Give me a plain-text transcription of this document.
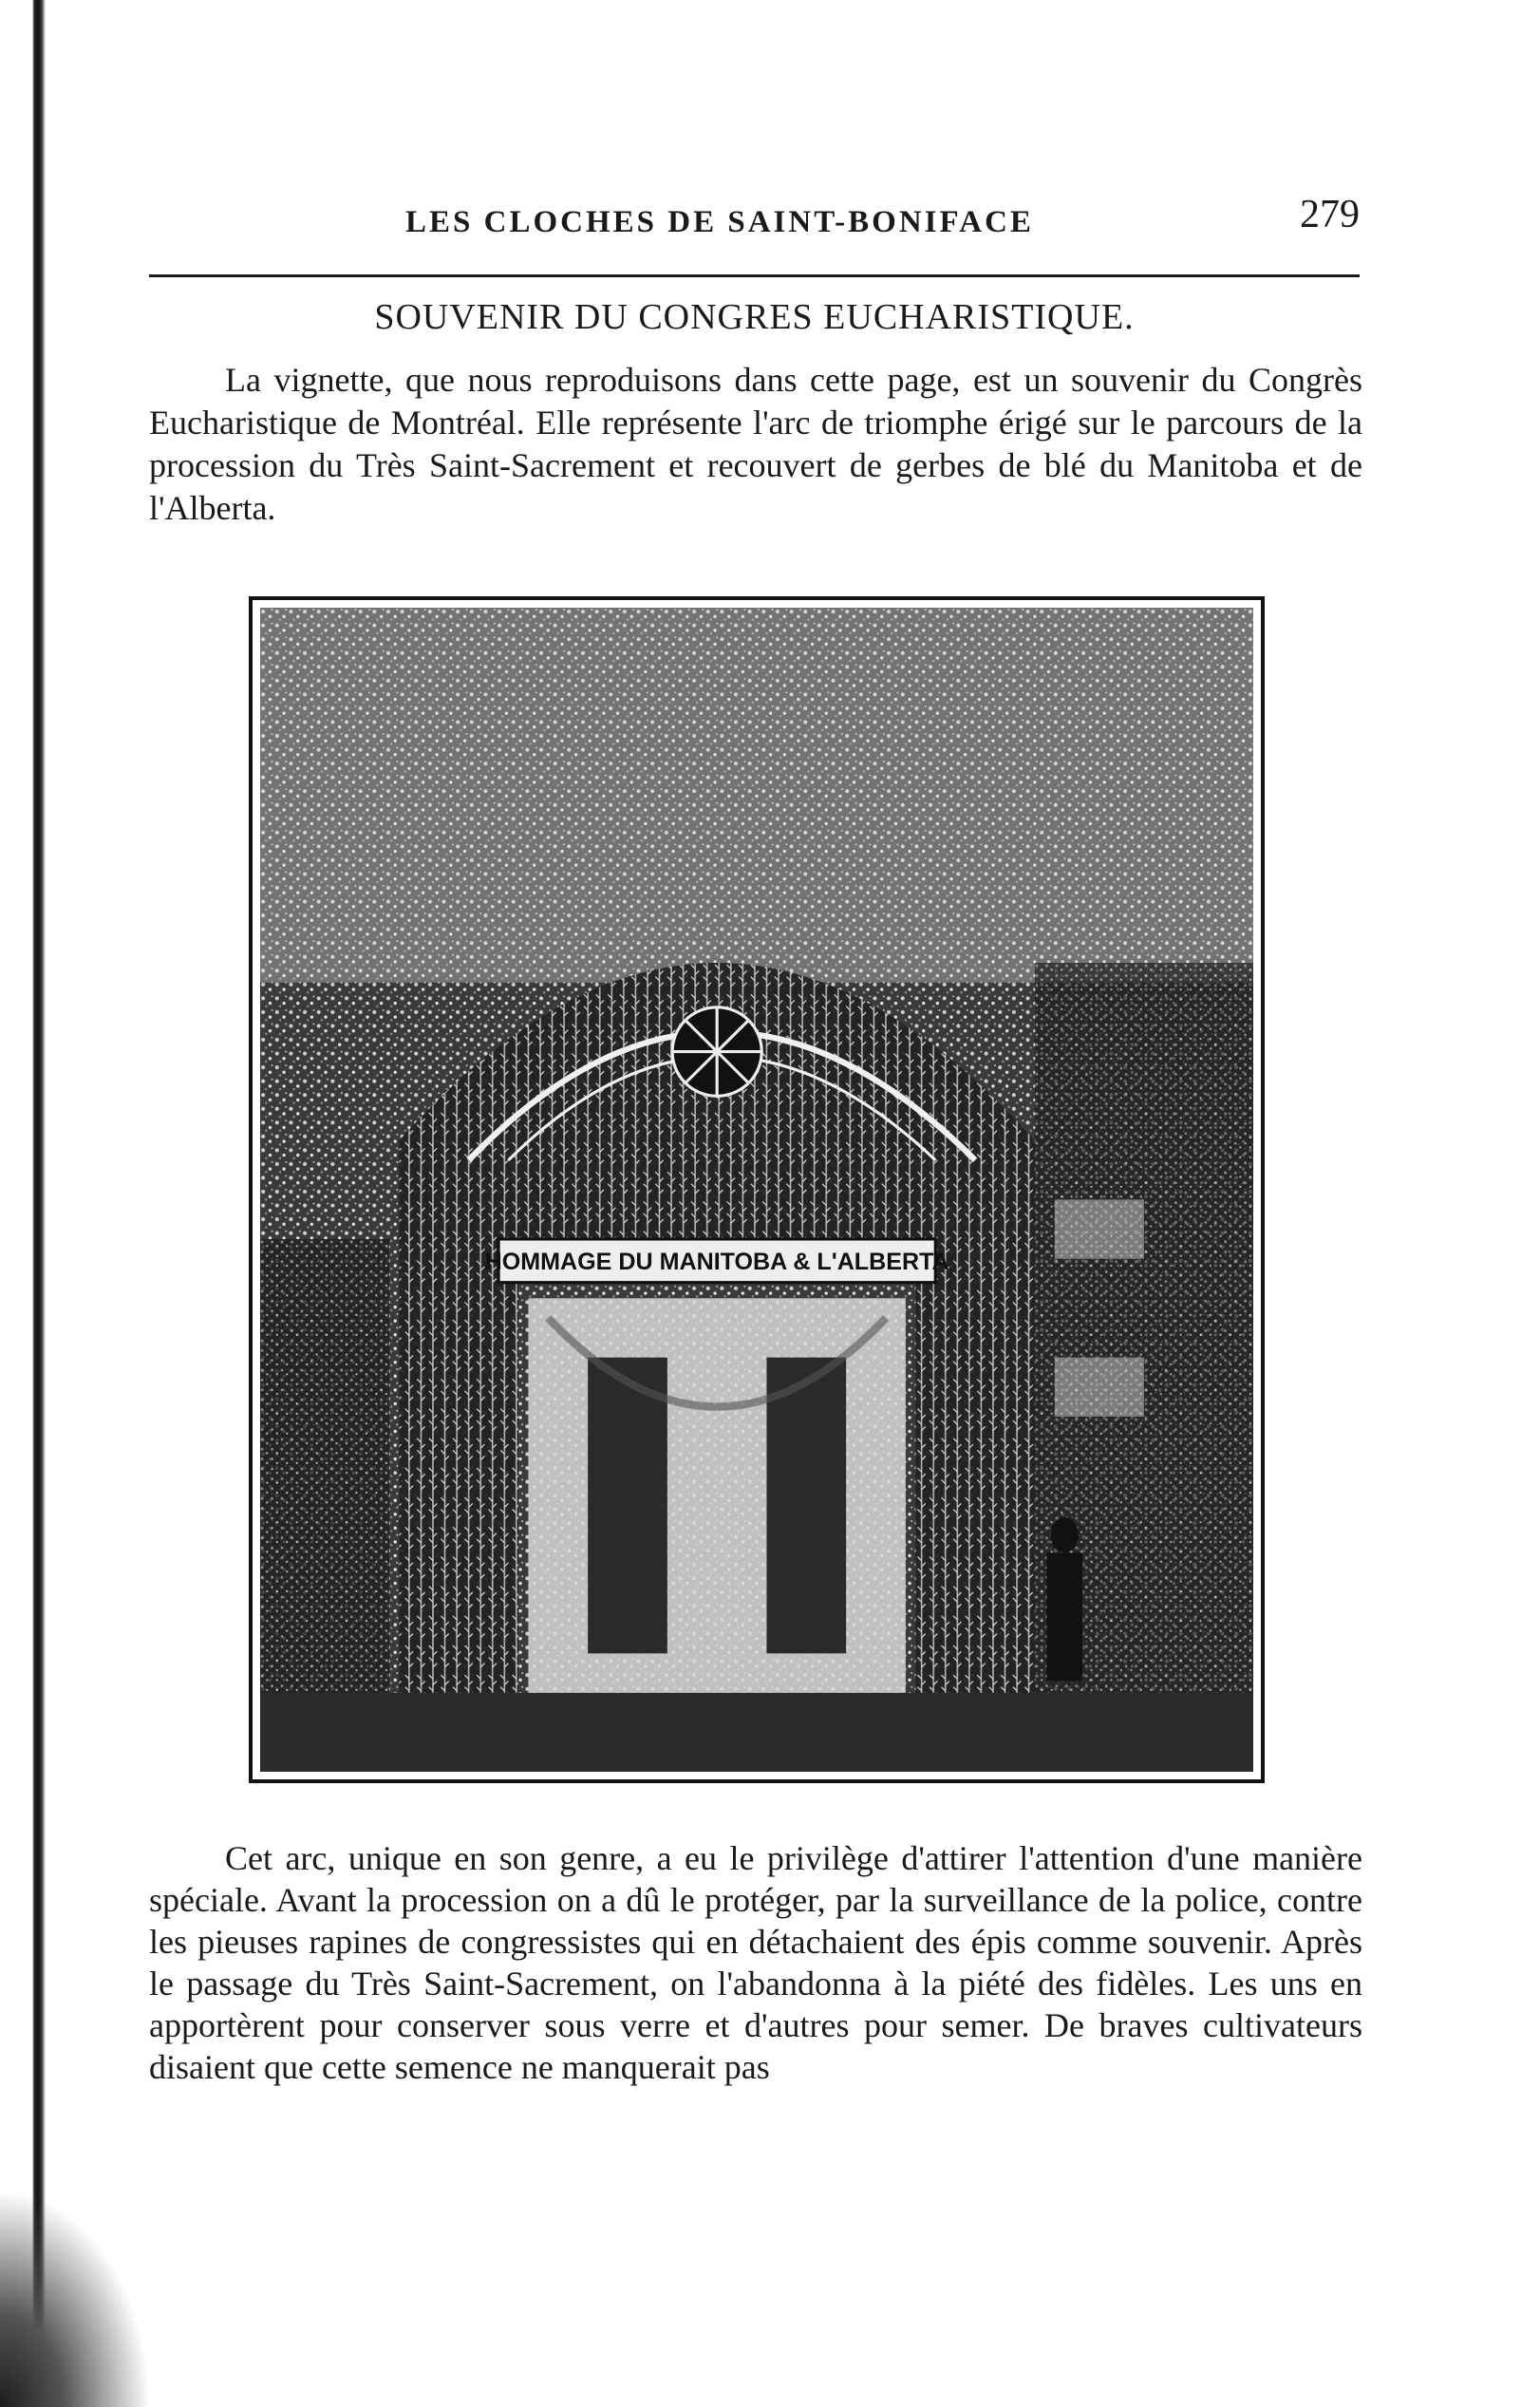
LES CLOCHES DE SAINT-BONIFACE	279
SOUVENIR DU CONGRES EUCHARISTIQUE.

La vignette, que nous reproduisons dans cette page, est un souvenir du Congrès Eucharistique de Montréal. Elle représente l'arc de triomphe érigé sur le parcours de la procession du Très Saint-Sacrement et recouvert de gerbes de blé du Manitoba et de l'Alberta.

HOMMAGE DU MANITOBA & L'ALBERTA

Cet arc, unique en son genre, a eu le privilège d'attirer l'attention d'une manière spéciale. Avant la procession on a dû le protéger, par la surveillance de la police, contre les pieuses rapines de congressistes qui en détachaient des épis comme souvenir. Après le passage du Très Saint-Sacrement, on l'abandonna à la piété des fidèles. Les uns en apportèrent pour conserver sous verre et d'autres pour semer. De braves cultivateurs disaient que cette semence ne manquerait pas
